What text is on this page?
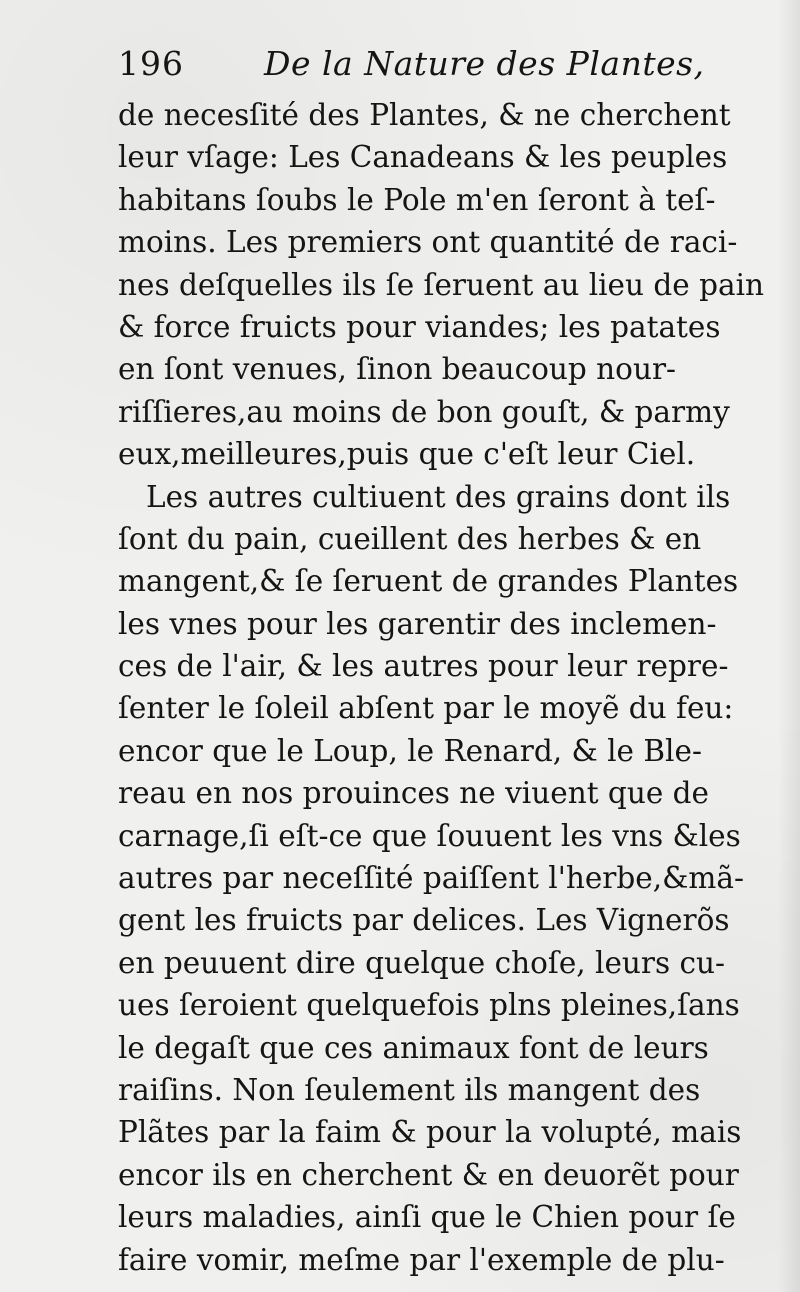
196 De la Nature des Plantes,
de necesſité des Plantes, & ne cherchent
leur vſage: Les Canadeans & les peuples
habitans ſoubs le Pole m'en ſeront à teſ-
moins. Les premiers ont quantité de raci-
nes deſquelles ils ſe ſeruent au lieu de pain
& force fruicts pour viandes; les patates
en ſont venues, ſinon beaucoup nour-
riſſieres,au moins de bon gouſt, & parmy
eux,meilleures,puis que c'eſt leur Ciel.
Les autres cultiuent des grains dont ils
ſont du pain, cueillent des herbes & en
mangent,& ſe ſeruent de grandes Plantes
les vnes pour les garentir des inclemen-
ces de l'air, & les autres pour leur repre-
ſenter le ſoleil abſent par le moyẽ du feu:
encor que le Loup, le Renard, & le Ble-
reau en nos prouinces ne viuent que de
carnage,ſi eſt-ce que ſouuent les vns &les
autres par neceſſité paiſſent l'herbe,&mã-
gent les fruicts par delices. Les Vignerõs
en peuuent dire quelque choſe, leurs cu-
ues ſeroient quelquefois plns pleines,ſans
le degaſt que ces animaux font de leurs
raiſins. Non ſeulement ils mangent des
Plãtes par la faim & pour la volupté, mais
encor ils en cherchent & en deuorẽt pour
leurs maladies, ainſi que le Chien pour ſe
faire vomir, meſme par l'exemple de plu-
